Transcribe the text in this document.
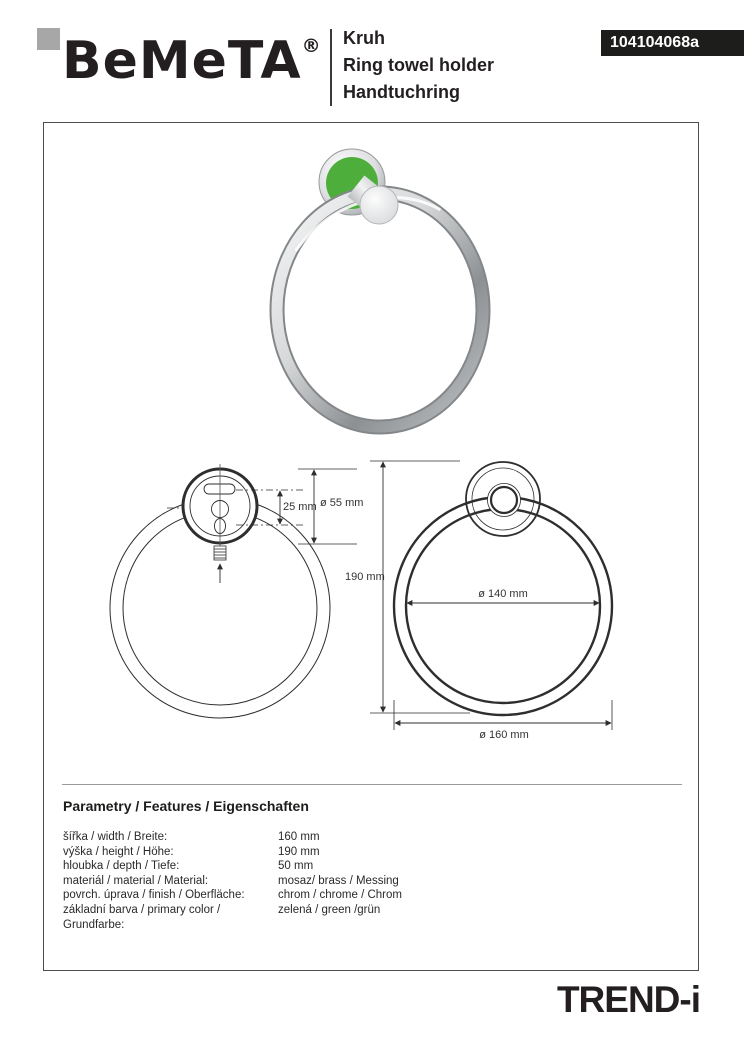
BeMeTA® Kruh
Ring towel holder
Handtuchring
104104068a
25 mm ø 55 mm
190 mm
ø 140 mm
ø 160 mm
Parametry / Features / Eigenschaften
šířka / width / Breite:	160 mm
výška / height / Höhe:	190 mm
hloubka / depth / Tiefe:	50 mm
materiál / material / Material:	mosaz/ brass / Messing
povrch. úprava / finish / Oberfläche:	chrom / chrome / Chrom
základní barva / primary color / Grundfarbe:
zelená / green /grün
TREND-i
